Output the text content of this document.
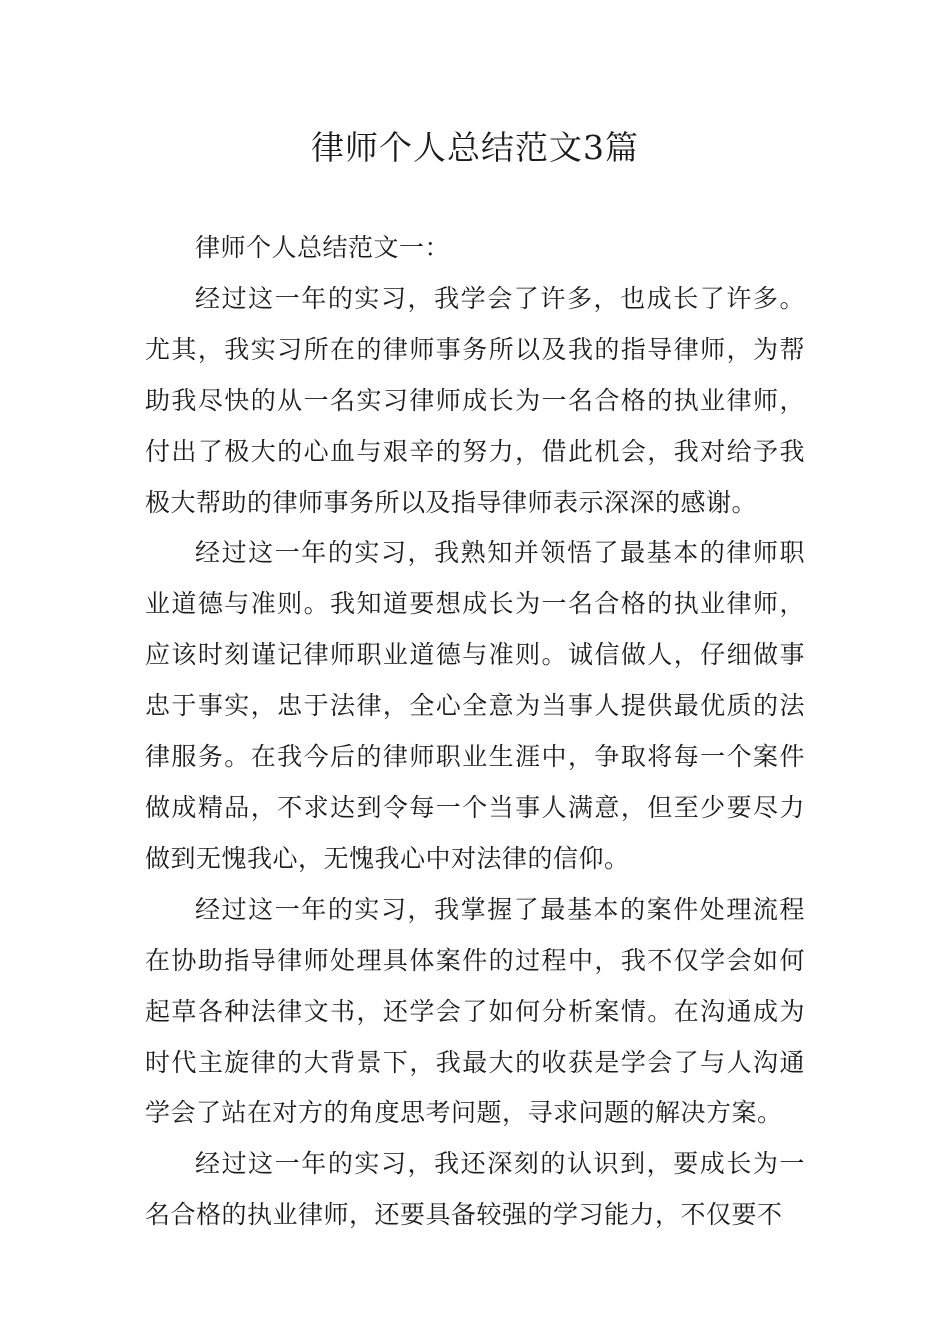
律师个人总结范文3篇

律师个人总结范文一：

经过这一年的实习，我学会了许多，也成长了许多。尤其，我实习所在的律师事务所以及我的指导律师，为帮助我尽快的从一名实习律师成长为一名合格的执业律师，付出了极大的心血与艰辛的努力，借此机会，我对给予我极大帮助的律师事务所以及指导律师表示深深的感谢。

经过这一年的实习，我熟知并领悟了最基本的律师职业道德与准则。我知道要想成长为一名合格的执业律师，应该时刻谨记律师职业道德与准则。诚信做人，仔细做事忠于事实，忠于法律，全心全意为当事人提供最优质的法律服务。在我今后的律师职业生涯中，争取将每一个案件做成精品，不求达到令每一个当事人满意，但至少要尽力做到无愧我心，无愧我心中对法律的信仰。

经过这一年的实习，我掌握了最基本的案件处理流程在协助指导律师处理具体案件的过程中，我不仅学会如何起草各种法律文书，还学会了如何分析案情。在沟通成为时代主旋律的大背景下，我最大的收获是学会了与人沟通学会了站在对方的角度思考问题，寻求问题的解决方案。

经过这一年的实习，我还深刻的认识到，要成长为一名合格的执业律师，还要具备较强的学习能力，不仅要不
